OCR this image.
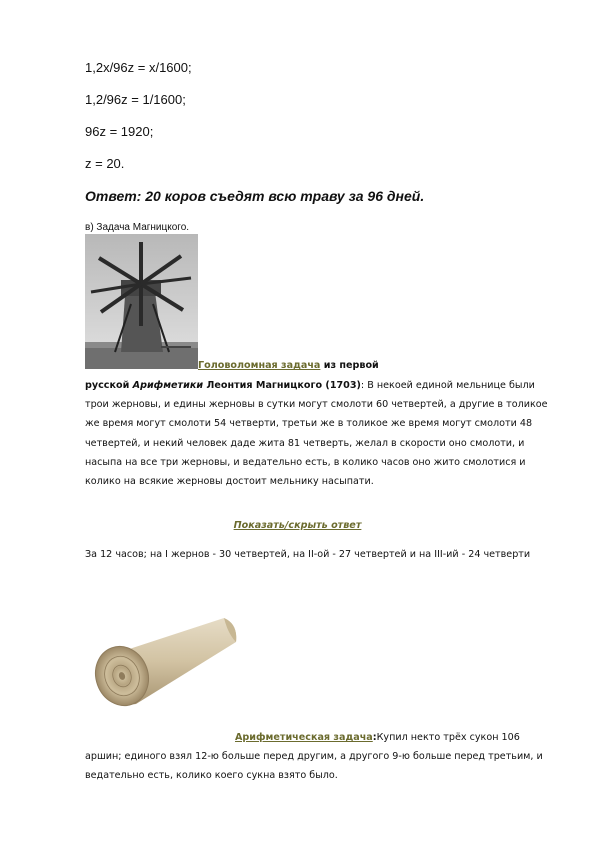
1,2x/96z = x/1600;
1,2/96z = 1/1600;
96z = 1920;
z = 20.
Ответ: 20 коров съедят всю траву за 96 дней.
в) Задача Магницкого.
Головоломная задача из первой
русской Арифметики Леонтия Магницкого (1703): В некоей единой мельнице были трои жерновы, и едины жерновы в сутки могут смолоти 60 четвертей, а другие в толикое же время могут смолоти 54 четверти, третьи же в толикое же время могут смолоти 48 четвертей, и некий человек даде жита 81 четверть, желал в скорости оно смолоти, и насыпа на все три жерновы, и ведательно есть, в колико часов оно жито смолотися и колико на всякие жерновы достоит мельнику насыпати.
Показать/скрыть ответ
За 12 часов; на I жернов - 30 четвертей, на II-ой - 27 четвертей и на III-ий - 24 четверти
Арифметическая задача:Купил некто трёх сукон 106
аршин; единого взял 12-ю больше перед другим, а другого 9-ю больше перед третьим, и ведательно есть, колико коего сукна взято было.
